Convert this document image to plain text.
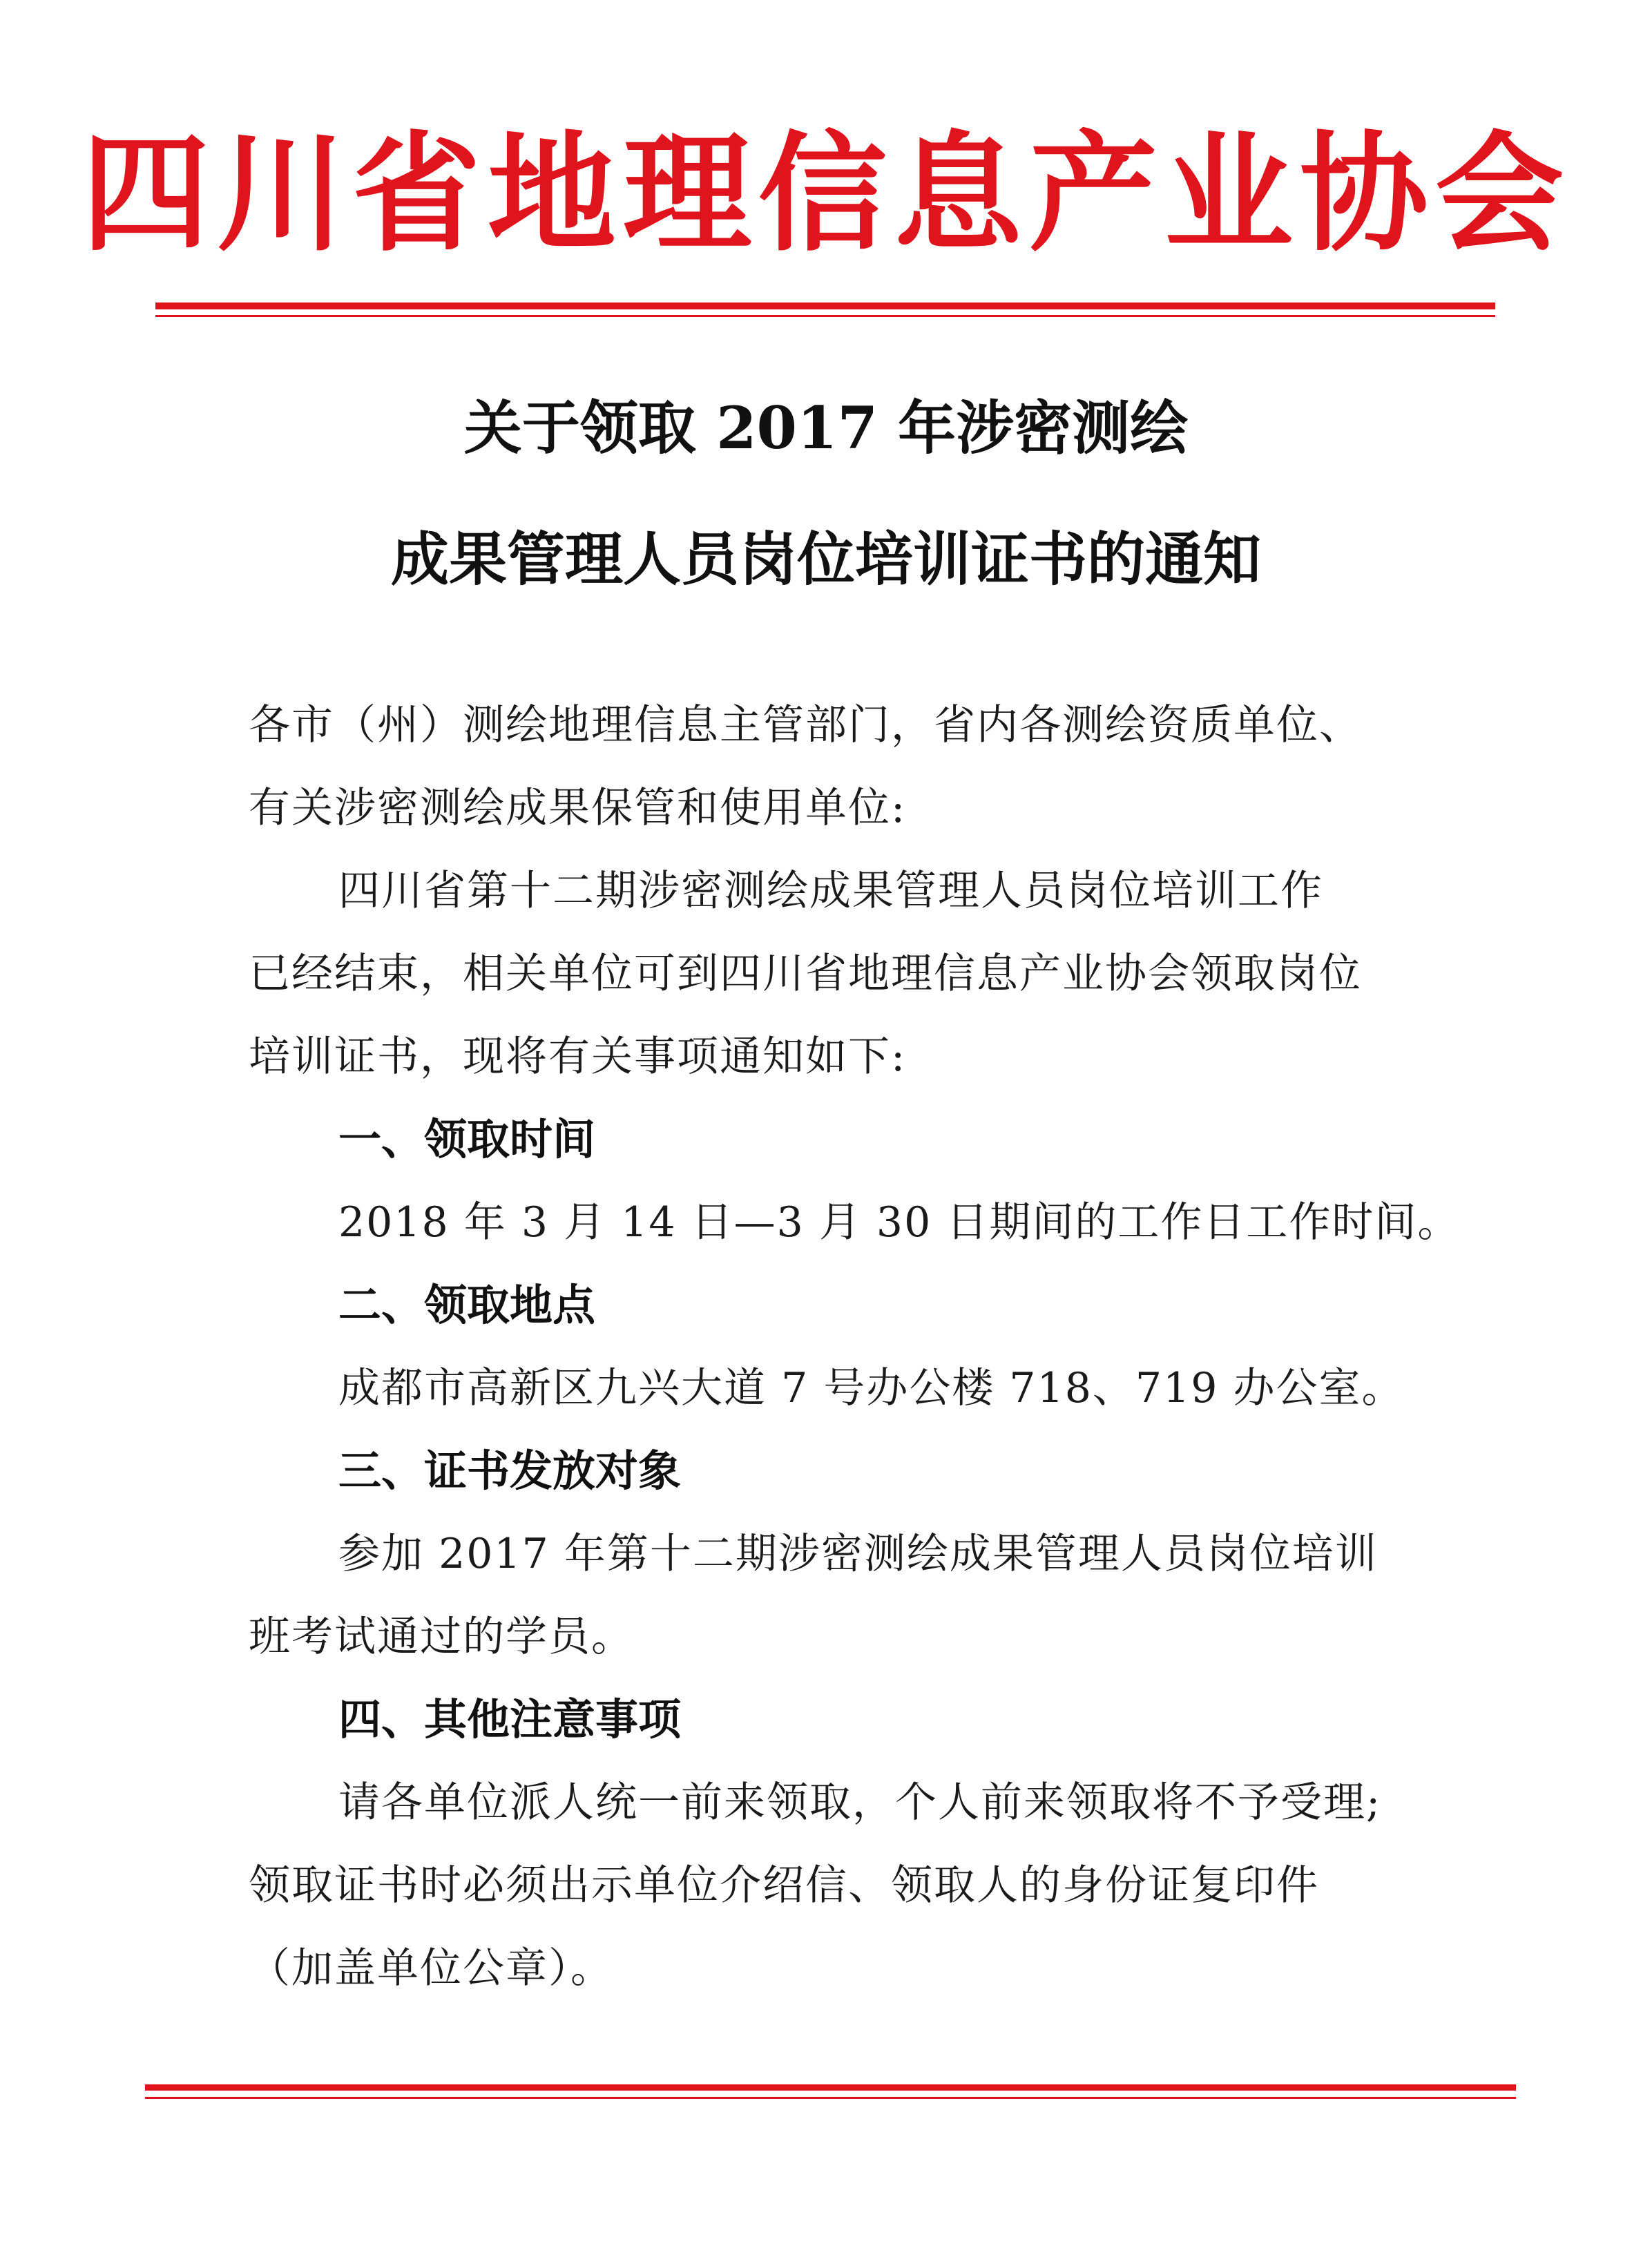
四川省地理信息产业协会
关于领取 2017 年涉密测绘
成果管理人员岗位培训证书的通知
各市（州）测绘地理信息主管部门，省内各测绘资质单位、
有关涉密测绘成果保管和使用单位:
四川省第十二期涉密测绘成果管理人员岗位培训工作
已经结束，相关单位可到四川省地理信息产业协会领取岗位
培训证书，现将有关事项通知如下:
一、领取时间
2018 年 3 月 14 日—3 月 30 日期间的工作日工作时间。
二、领取地点
成都市高新区九兴大道 7 号办公楼 718、719 办公室。
三、证书发放对象
参加 2017 年第十二期涉密测绘成果管理人员岗位培训
班考试通过的学员。
四、其他注意事项
请各单位派人统一前来领取，个人前来领取将不予受理;
领取证书时必须出示单位介绍信、领取人的身份证复印件
（加盖单位公章）。
